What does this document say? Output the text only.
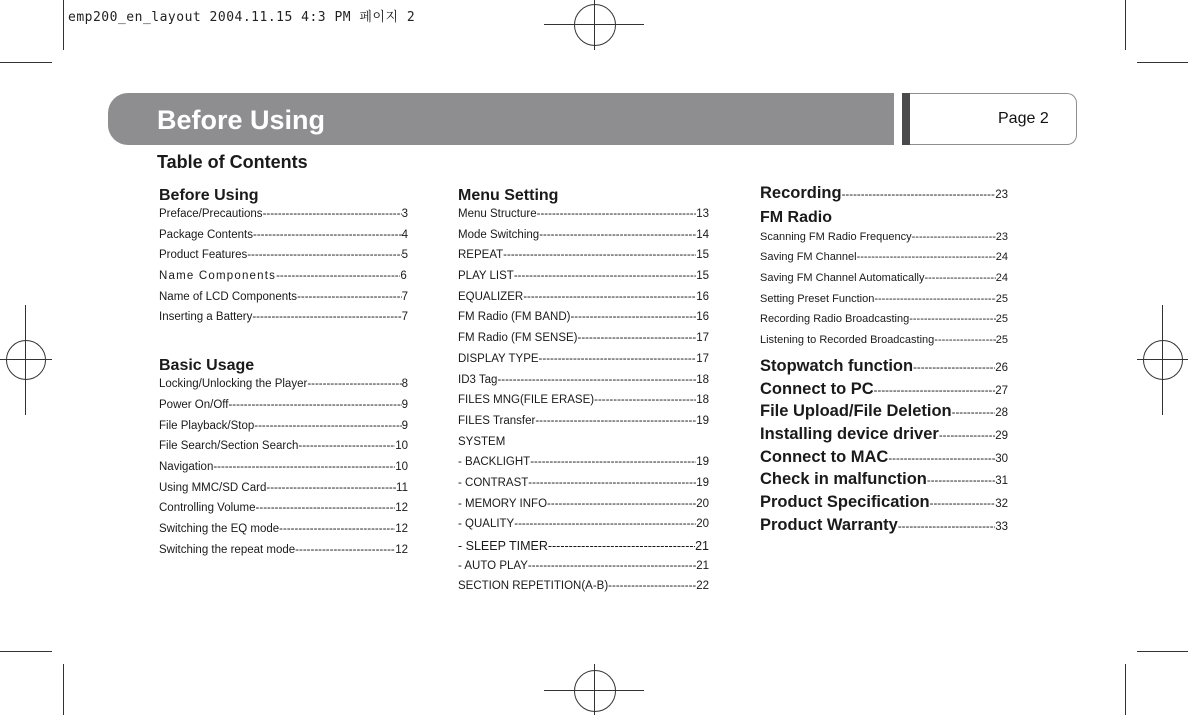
emp200_en_layout 2004.11.15 4:3 PM 페이지 2
Before Using	Page 2
Table of Contents
Before Using
Preface/Precautions -----	3
Package Contents -----	4
Product Features -----	5
Name Components -----	6
Name of LCD Components -----	7
Inserting a Battery -----	7
Basic Usage
Locking/Unlocking the Player -----	8
Power On/Off -----	9
File Playback/Stop -----	9
File Search/Section Search -----	10
Navigation -----	10
Using MMC/SD Card -----	11
Controlling Volume -----	12
Switching the EQ mode -----	12
Switching the repeat mode -----	12
Menu Setting
Menu Structure -----	13
Mode Switching -----	14
REPEAT -----	15
PLAY LIST -----	15
EQUALIZER -----	16
FM Radio (FM BAND) -----	16
FM Radio (FM SENSE) -----	17
DISPLAY TYPE -----	17
ID3 Tag -----	18
FILES MNG(FILE ERASE) -----	18
FILES Transfer -----	19
SYSTEM
- BACKLIGHT -----	19
- CONTRAST -----	19
- MEMORY INFO -----	20
- QUALITY -----	20
- SLEEP TIMER -----	21
- AUTO PLAY -----	21
SECTION REPETITION(A-B) -----	22
Recording -----	23
FM Radio
Scanning FM Radio Frequency -----	23
Saving FM Channel -----	24
Saving FM Channel Automatically -----	24
Setting Preset Function -----	25
Recording Radio Broadcasting -----	25
Listening to Recorded Broadcasting -----	25
Stopwatch function -----	26
Connect to PC -----	27
File Upload/File Deletion -----	28
Installing device driver -----	29
Connect to MAC -----	30
Check in malfunction -----	31
Product Specification -----	32
Product Warranty -----	33
